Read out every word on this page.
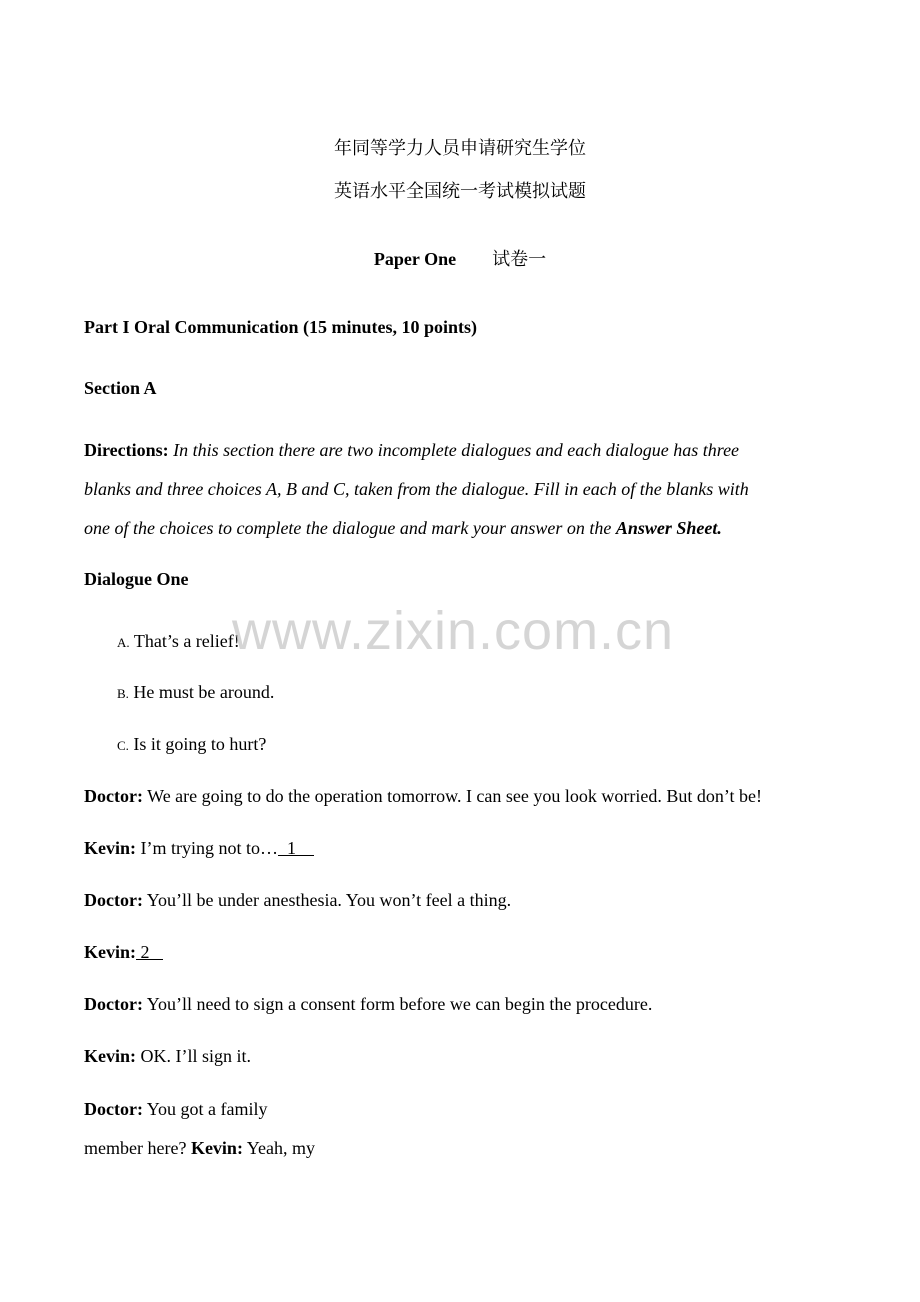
年同等学力人员申请研究生学位
英语水平全国统一考试模拟试题
Paper One 试卷一
Part I Oral Communication (15 minutes, 10 points)
Section A
Directions: In this section there are two incomplete dialogues and each dialogue has three
blanks and three choices A, B and C, taken from the dialogue. Fill in each of the blanks with
one of the choices to complete the dialogue and mark your answer on the Answer Sheet.
Dialogue One
A. That’s a relief!
B. He must be around.
C. Is it going to hurt?
Doctor: We are going to do the operation tomorrow. I can see you look worried. But don’t be!
Kevin: I’m trying not to…  1
Doctor: You’ll be under anesthesia. You won’t feel a thing.
Kevin: 2
Doctor: You’ll need to sign a consent form before we can begin the procedure.
Kevin: OK. I’ll sign it.
Doctor: You got a family
member here? Kevin: Yeah, my
www.zixin.com.cn
